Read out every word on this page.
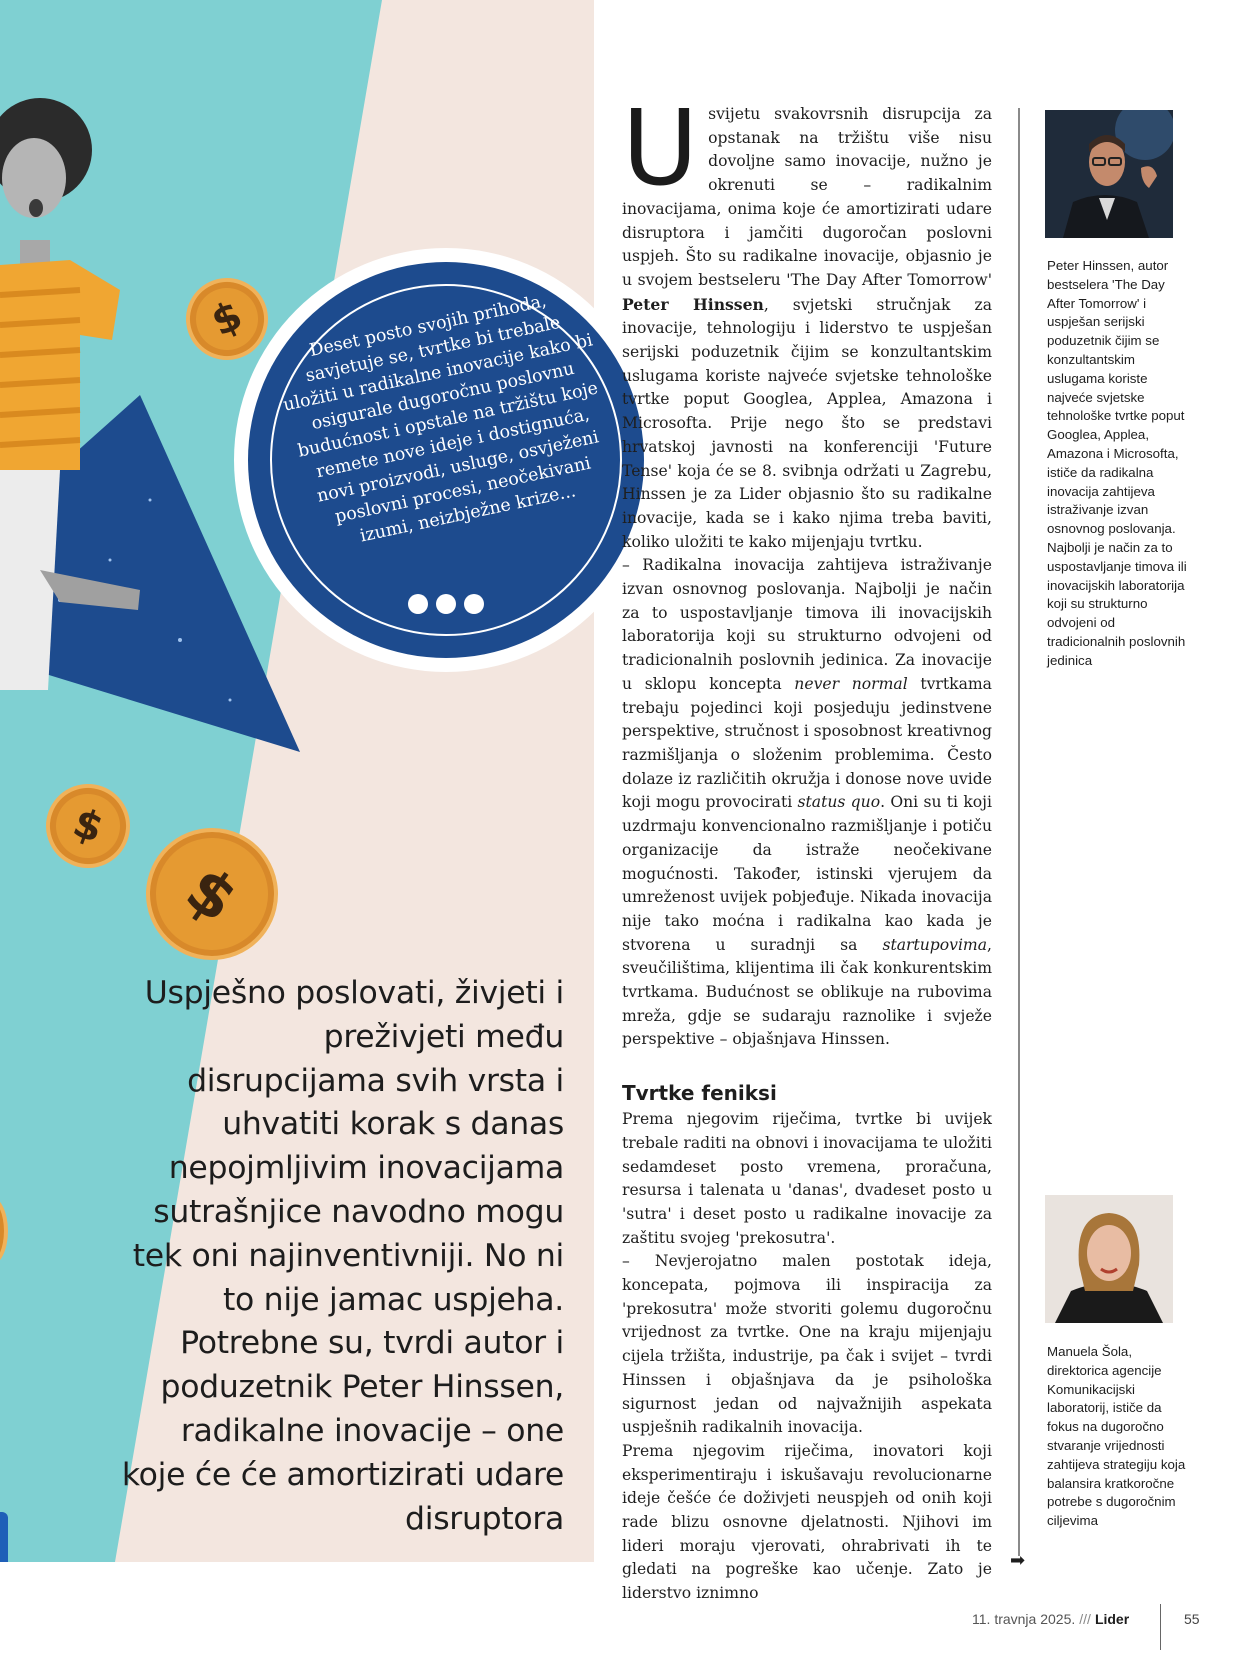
$
$
$
Uspješno poslovati, živjeti i preživjeti među disrupcijama svih vrsta i uhvatiti korak s danas nepojmljivim inovacijama sutrašnjice navodno mogu tek oni najinventivniji. No ni to nije jamac uspjeha. Potrebne su, tvrdi autor i poduzetnik Peter Hinssen, radikalne inovacije – one koje će će amortizirati udare disruptora
Deset posto svojih prihoda, savjetuje se, tvrtke bi trebale uložiti u radikalne inovacije kako bi osigurale dugoročnu poslovnu budućnost i opstale na tržištu koje remete nove ideje i dostignuća, novi proizvodi, usluge, osvježeni poslovni procesi, neočekivani izumi, neizbježne krize...

U svijetu svakovrsnih disrupcija za opstanak na tržištu više nisu dovoljne samo inovacije, nužno je okrenuti se – radikalnim inovacijama, onima koje će amortizirati udare disruptora i jamčiti dugoročan poslovni uspjeh. Što su radikalne inovacije, objasnio je u svojem bestseleru 'The Day After Tomorrow' Peter Hinssen, svjetski stručnjak za inovacije, tehnologiju i liderstvo te uspješan serijski poduzetnik čijim se konzultantskim uslugama koriste najveće svjetske tehnološke tvrtke poput Googlea, Applea, Amazona i Microsofta. Prije nego što se predstavi hrvatskoj javnosti na konferenciji 'Future Tense' koja će se 8. svibnja održati u Zagrebu, Hinssen je za Lider objasnio što su radikalne inovacije, kada se i kako njima treba baviti, koliko uložiti te kako mijenjaju tvrtku.

– Radikalna inovacija zahtijeva istraživanje izvan osnovnog poslovanja. Najbolji je način za to uspostavljanje timova ili inovacijskih laboratorija koji su strukturno odvojeni od tradicionalnih poslovnih jedinica. Za inovacije u sklopu koncepta never normal tvrtkama trebaju pojedinci koji posjeduju jedinstvene perspektive, stručnost i sposobnost kreativnog razmišljanja o složenim problemima. Često dolaze iz različitih okružja i donose nove uvide koji mogu provocirati status quo. Oni su ti koji uzdrmaju konvencionalno razmišljanje i potiču organizacije da istraže neočekivane mogućnosti. Također, istinski vjerujem da umreženost uvijek pobjeđuje. Nikada inovacija nije tako moćna i radikalna kao kada je stvorena u suradnji sa startupovima, sveučilištima, klijentima ili čak konkurentskim tvrtkama. Budućnost se oblikuje na rubovima mreža, gdje se sudaraju raznolike i svježe perspektive – objašnjava Hinssen.

Tvrtke feniksi

Prema njegovim riječima, tvrtke bi uvijek trebale raditi na obnovi i inovacijama te uložiti sedamdeset posto vremena, proračuna, resursa i talenata u 'danas', dvadeset posto u 'sutra' i deset posto u radikalne inovacije za zaštitu svojeg 'prekosutra'.

– Nevjerojatno malen postotak ideja, koncepata, pojmova ili inspiracija za 'prekosutra' može stvoriti golemu dugoročnu vrijednost za tvrtke. One na kraju mijenjaju cijela tržišta, industrije, pa čak i svijet – tvrdi Hinssen i objašnjava da je psihološka sigurnost jedan od najvažnijih aspekata uspješnih radikalnih inovacija.

Prema njegovim riječima, inovatori koji eksperimentiraju i iskušavaju revolucionarne ideje češće će doživjeti neuspjeh od onih koji rade blizu osnovne djelatnosti. Njihovi im lideri moraju vjerovati, ohrabrivati ih te gledati na pogreške kao učenje. Zato je liderstvo iznimno

Peter Hinssen, autor bestselera 'The Day After Tomorrow' i uspješan serijski poduzetnik čijim se konzultantskim uslugama koriste najveće svjetske tehnološke tvrtke poput Googlea, Applea, Amazona i Microsofta, ističe da radikalna inovacija zahtijeva istraživanje izvan osnovnog poslovanja. Najbolji je način za to uspostavljanje timova ili inovacijskih laboratorija koji su strukturno odvojeni od tradicionalnih poslovnih jedinica
Manuela Šola, direktorica agencije Komunikacijski laboratorij, ističe da fokus na dugoročno stvaranje vrijednosti zahtijeva strategiju koja balansira kratkoročne potrebe s dugoročnim ciljevima
➡
11. travnja 2025. /// Lider	55
